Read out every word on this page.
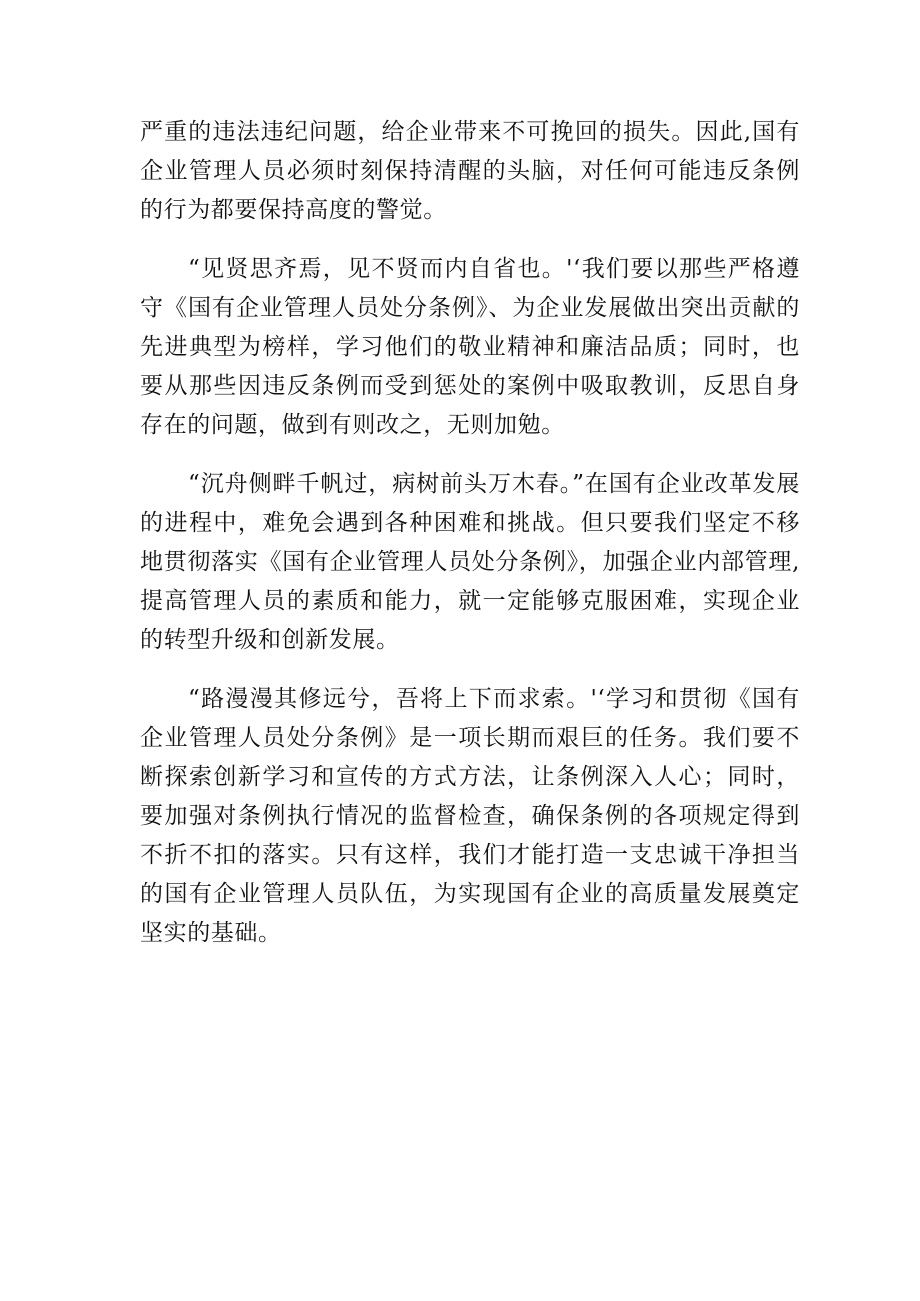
严重的违法违纪问题，给企业带来不可挽回的损失。因此,国有企业管理人员必须时刻保持清醒的头脑，对任何可能违反条例的行为都要保持高度的警觉。

“见贤思齐焉，见不贤而内自省也。'‘我们要以那些严格遵守《国有企业管理人员处分条例》、为企业发展做出突出贡献的先进典型为榜样，学习他们的敬业精神和廉洁品质；同时，也要从那些因违反条例而受到惩处的案例中吸取教训，反思自身存在的问题，做到有则改之，无则加勉。

“沉舟侧畔千帆过，病树前头万木春。”在国有企业改革发展的进程中，难免会遇到各种困难和挑战。但只要我们坚定不移地贯彻落实《国有企业管理人员处分条例》，加强企业内部管理,提高管理人员的素质和能力，就一定能够克服困难，实现企业的转型升级和创新发展。

“路漫漫其修远兮，吾将上下而求索。'‘学习和贯彻《国有企业管理人员处分条例》是一项长期而艰巨的任务。我们要不断探索创新学习和宣传的方式方法，让条例深入人心；同时，要加强对条例执行情况的监督检查，确保条例的各项规定得到不折不扣的落实。只有这样，我们才能打造一支忠诚干净担当的国有企业管理人员队伍，为实现国有企业的高质量发展奠定坚实的基础。
